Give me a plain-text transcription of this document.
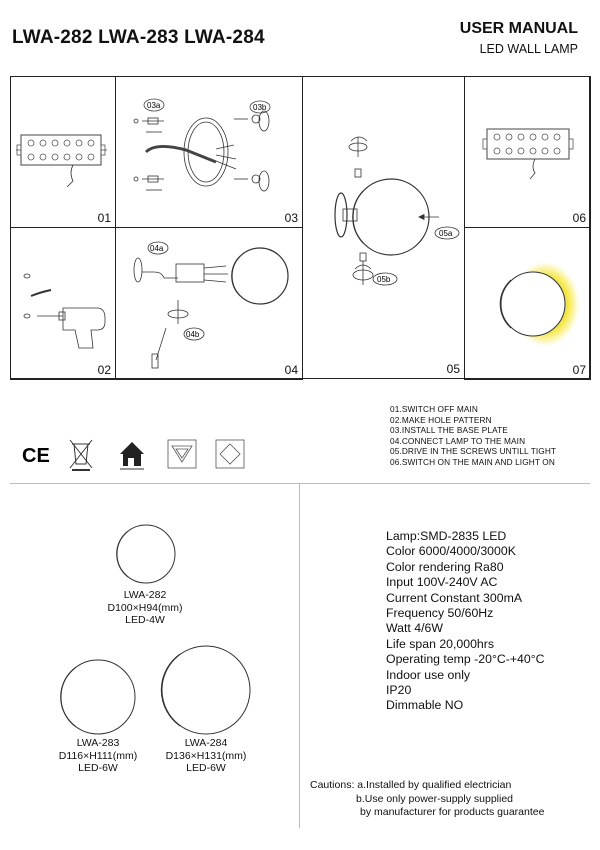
LWA-282 LWA-283 LWA-284	USER MANUAL
LED WALL LAMP
01
03a	03b
03
05a
05b
05
06
02
04a
04b
04	07
01.SWITCH OFF MAIN
02.MAKE HOLE PATTERN
03.INSTALL THE BASE PLATE
04.CONNECT LAMP TO THE MAIN
05.DRIVE IN THE SCREWS UNTILL TIGHT
06.SWITCH ON THE MAIN AND LIGHT ON
CE
LWA-282
D100×H94(mm)
LED-4W
LWA-283
D116×H111(mm)
LED-6W
LWA-284
D136×H131(mm)
LED-6W
Lamp:SMD-2835 LED
Color 6000/4000/3000K
Color rendering Ra80
Input 100V-240V AC
Current Constant 300mA
Frequency 50/60Hz
Watt 4/6W
Life span 20,000hrs
Operating temp -20°C-+40°C
Indoor use only
IP20
Dimmable NO
Cautions: a.Installed by qualified electrician
b.Use only power-supply supplied
by manufacturer for products guarantee
